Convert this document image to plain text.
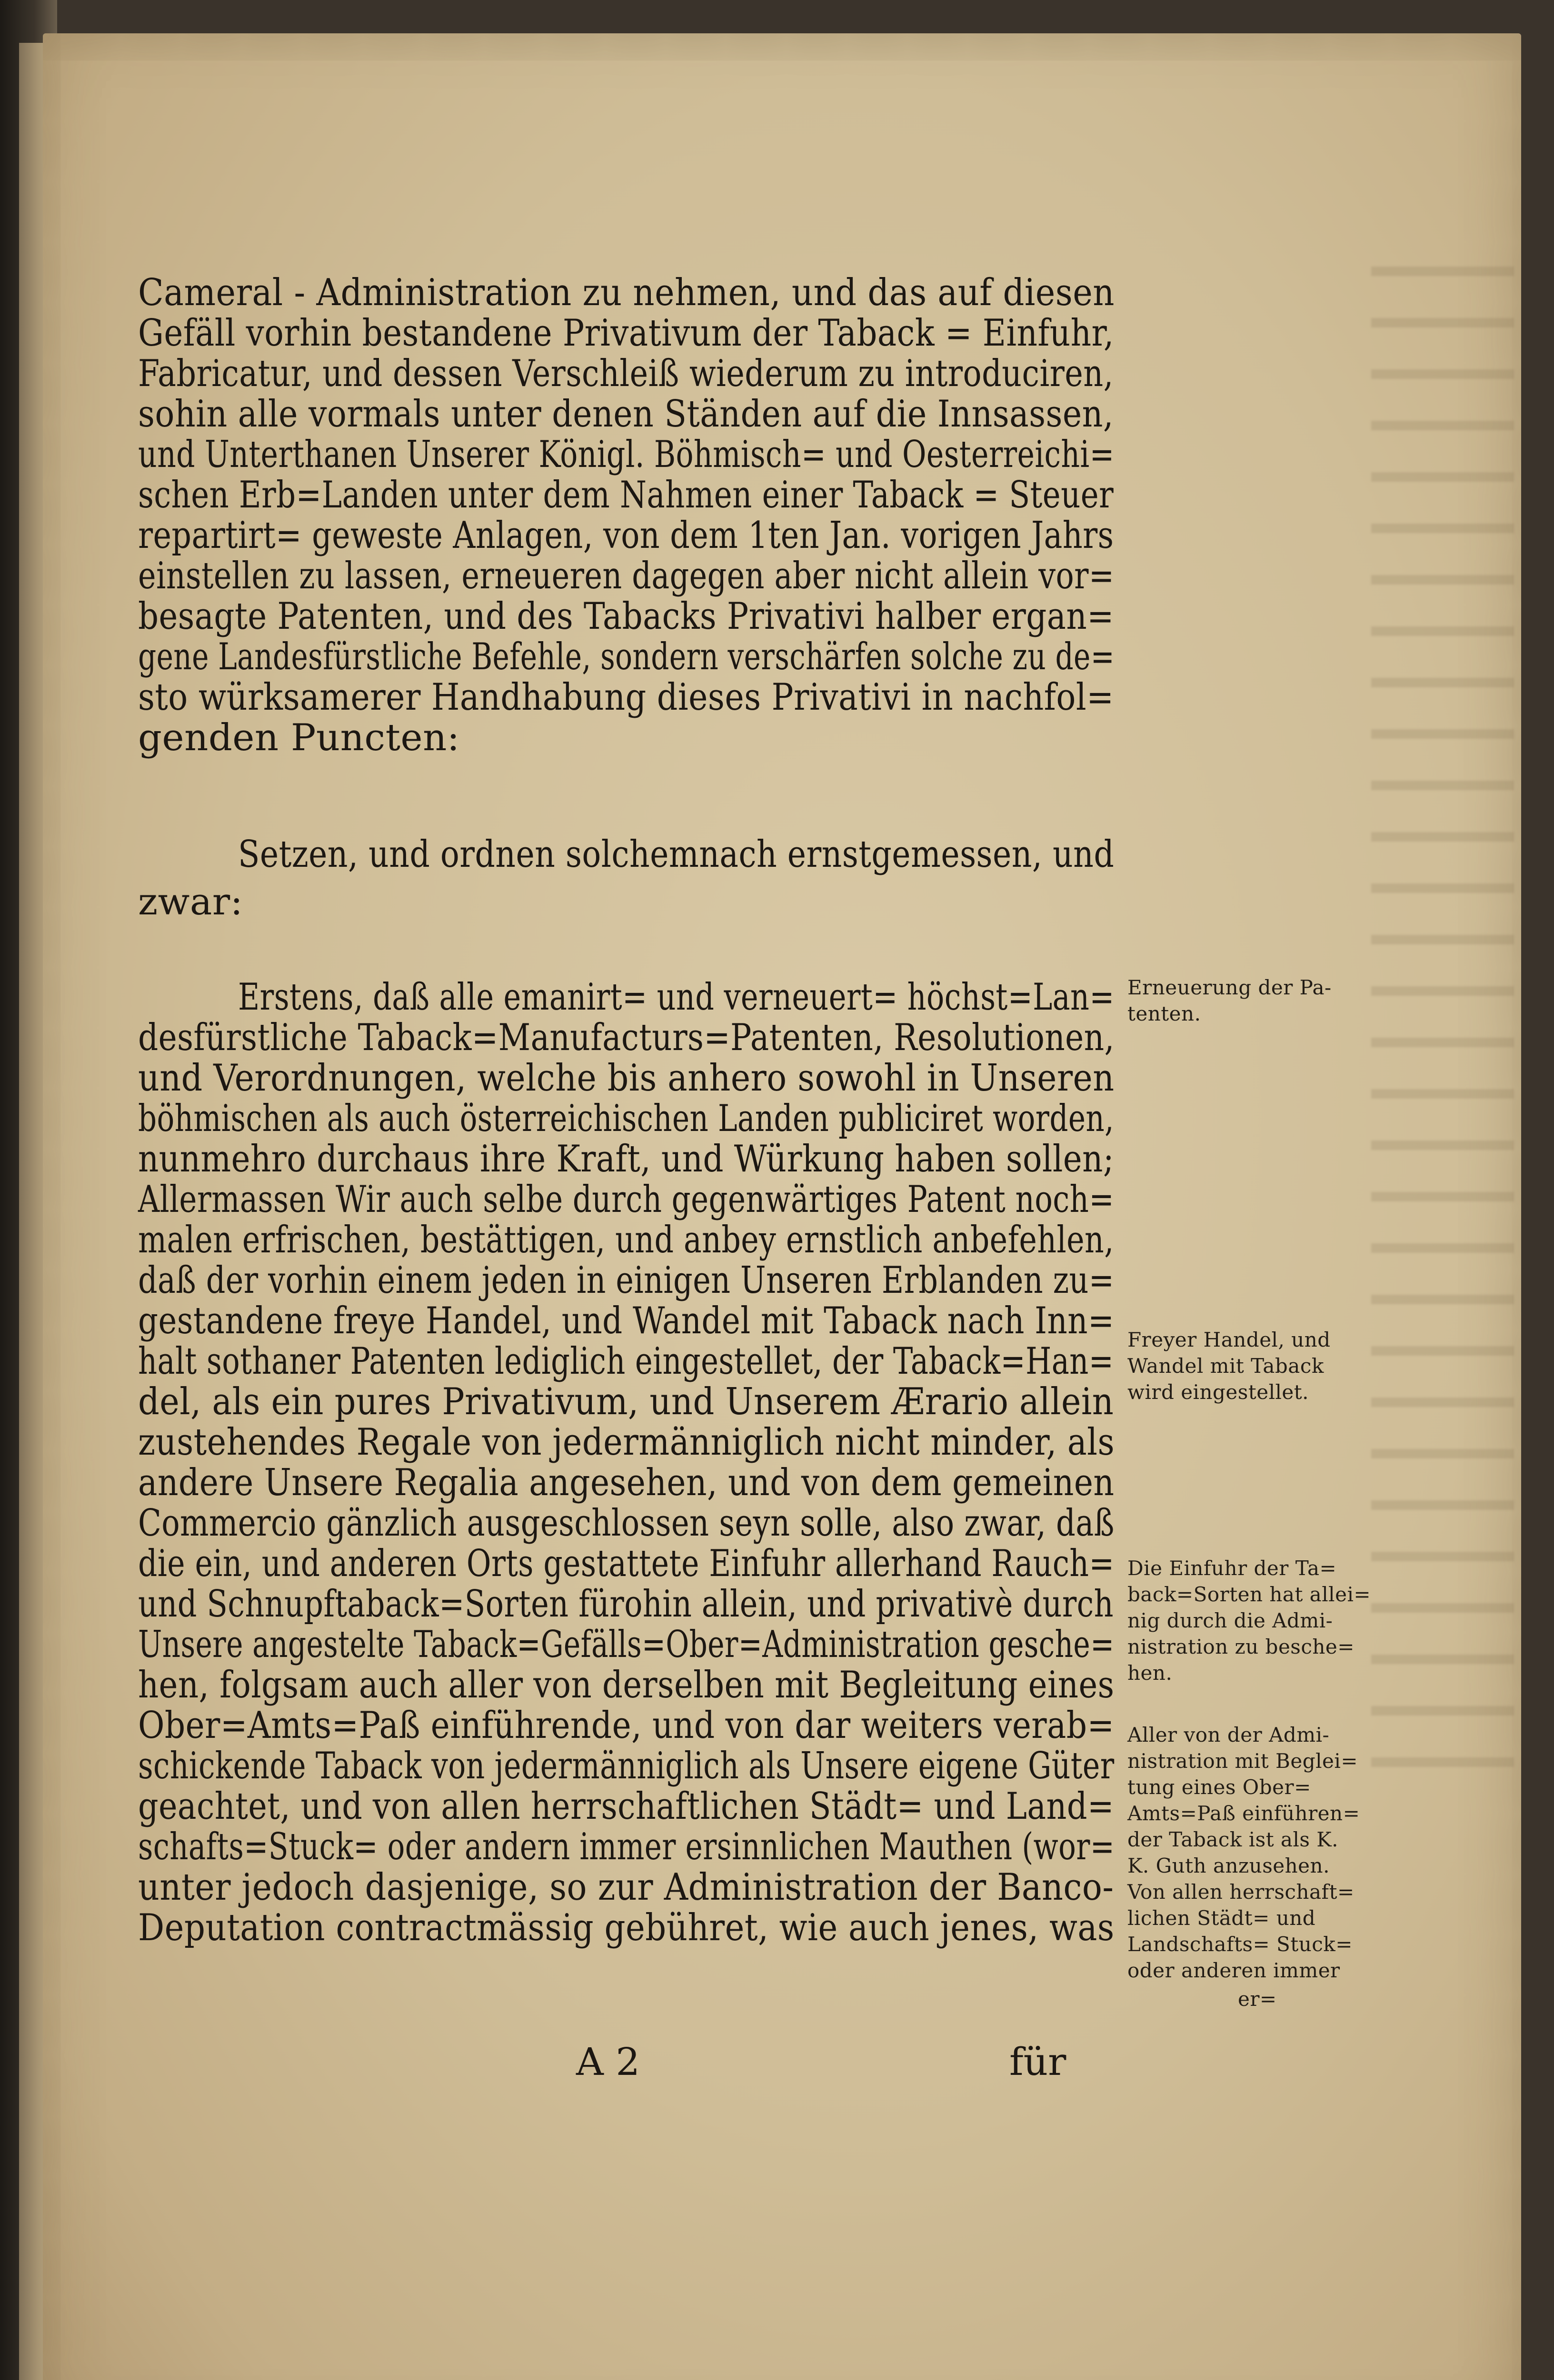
Cameral - Administration zu nehmen, und das auf diesen
Gefäll vorhin bestandene Privativum der Taback = Einfuhr,
Fabricatur, und dessen Verschleiß wiederum zu introduciren,
sohin alle vormals unter denen Ständen auf die Innsassen,
und Unterthanen Unserer Königl. Böhmisch= und Oesterreichi=
schen Erb=Landen unter dem Nahmen einer Taback = Steuer
repartirt= geweste Anlagen, von dem 1ten Jan. vorigen Jahrs
einstellen zu lassen, erneueren dagegen aber nicht allein vor=
besagte Patenten, und des Tabacks Privativi halber ergan=
gene Landesfürstliche Befehle, sondern verschärfen solche zu de=
sto würksamerer Handhabung dieses Privativi in nachfol=
genden Puncten:
Setzen, und ordnen solchemnach ernstgemessen, und
zwar:
Erstens, daß alle emanirt= und verneuert= höchst=Lan=
desfürstliche Taback=Manufacturs=Patenten, Resolutionen,
und Verordnungen, welche bis anhero sowohl in Unseren
böhmischen als auch österreichischen Landen publiciret worden,
nunmehro durchaus ihre Kraft, und Würkung haben sollen;
Allermassen Wir auch selbe durch gegenwärtiges Patent noch=
malen erfrischen, bestättigen, und anbey ernstlich anbefehlen,
daß der vorhin einem jeden in einigen Unseren Erblanden zu=
gestandene freye Handel, und Wandel mit Taback nach Inn=
halt sothaner Patenten lediglich eingestellet, der Taback=Han=
del, als ein pures Privativum, und Unserem Ærario allein
zustehendes Regale von jedermänniglich nicht minder, als
andere Unsere Regalia angesehen, und von dem gemeinen
Commercio gänzlich ausgeschlossen seyn solle, also zwar, daß
die ein, und anderen Orts gestattete Einfuhr allerhand Rauch=
und Schnupftaback=Sorten fürohin allein, und privativè durch
Unsere angestelte Taback=Gefälls=Ober=Administration gesche=
hen, folgsam auch aller von derselben mit Begleitung eines
Ober=Amts=Paß einführende, und von dar weiters verab=
schickende Taback von jedermänniglich als Unsere eigene Güter
geachtet, und von allen herrschaftlichen Städt= und Land=
schafts=Stuck= oder andern immer ersinnlichen Mauthen (wor=
unter jedoch dasjenige, so zur Administration der Banco-
Deputation contractmässig gebühret, wie auch jenes, was
Erneuerung der Pa-
tenten.
Freyer Handel, und
Wandel mit Taback
wird eingestellet.
Die Einfuhr der Ta=
back=Sorten hat allei=
nig durch die Admi-
nistration zu besche=
hen.
Aller von der Admi-
nistration mit Beglei=
tung eines Ober=
Amts=Paß einführen=
der Taback ist als K.
K. Guth anzusehen.
Von allen herrschaft=
lichen Städt= und
Landschafts= Stuck=
oder anderen immer
er=
A 2	für
